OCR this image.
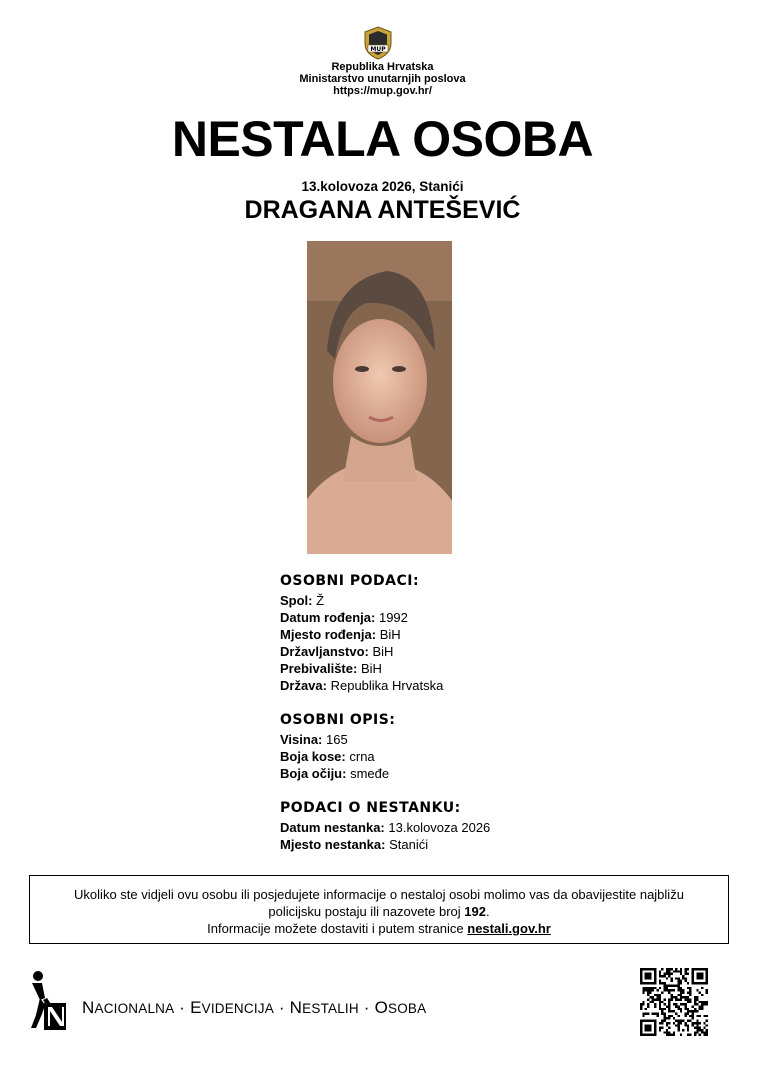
MUP
Republika Hrvatska
Ministarstvo unutarnjih poslova
https://mup.gov.hr/
NESTALA OSOBA
13.kolovoza 2026, Stanići
DRAGANA ANTEŠEVIĆ
OSOBNI PODACI:
Spol: Ž
Datum rođenja: 1992
Mjesto rođenja: BiH
Državljanstvo: BiH
Prebivalište: BiH
Država: Republika Hrvatska
OSOBNI OPIS:
Visina: 165
Boja kose: crna
Boja očiju: smeđe
PODACI O NESTANKU:
Datum nestanka: 13.kolovoza 2026
Mjesto nestanka: Stanići
Ukoliko ste vidjeli ovu osobu ili posjedujete informacije o nestaloj osobi molimo vas da obavijestite najbližu
policijsku postaju ili nazovete broj 192.
Informacije možete dostaviti i putem stranice nestali.gov.hr
NACIONALNA · EVIDENCIJA · NESTALIH · OSOBA
